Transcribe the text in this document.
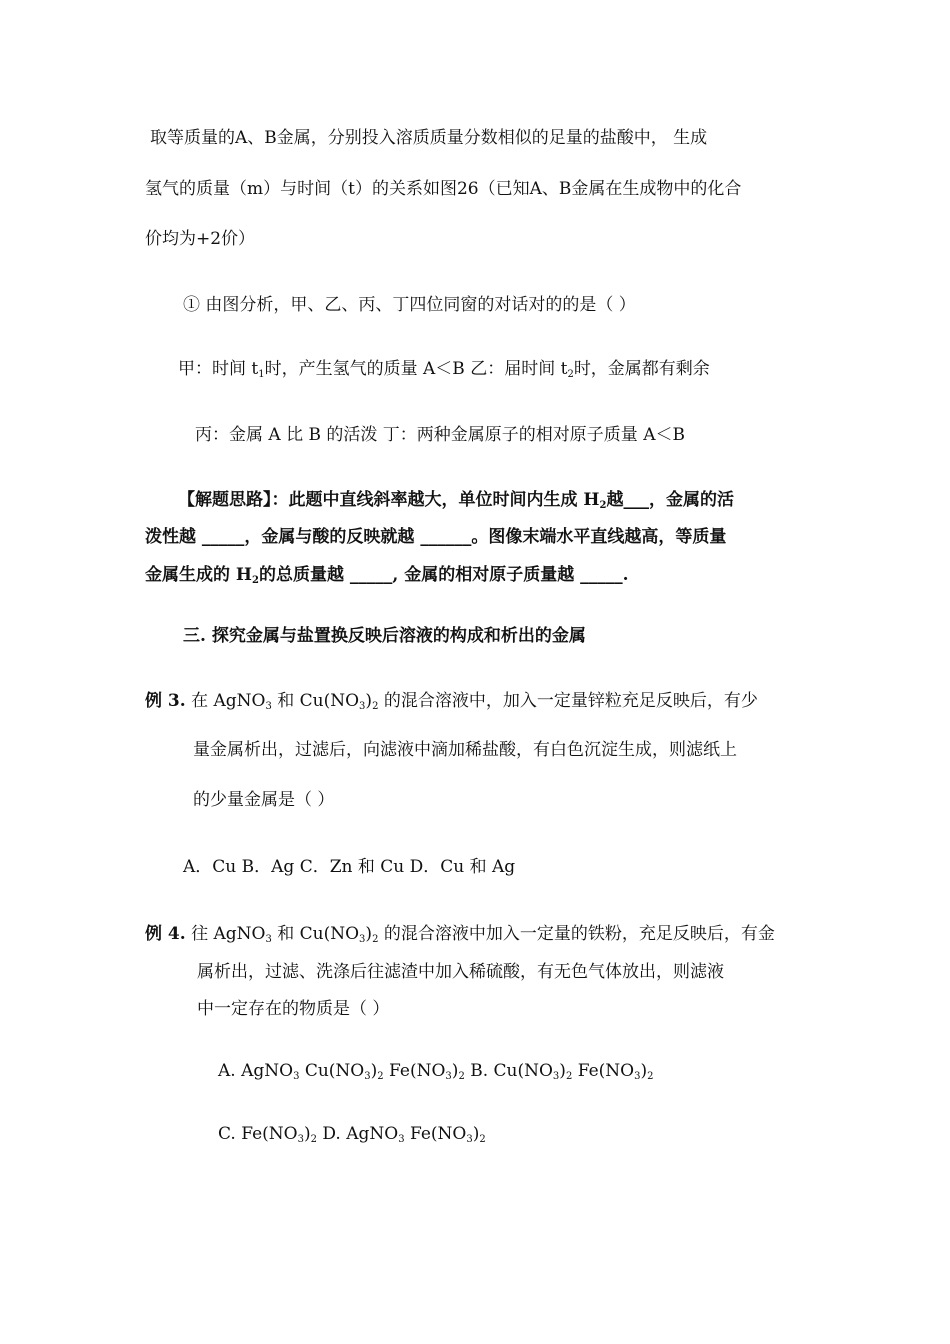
取等质量的A、B金属，分别投入溶质质量分数相似的足量的盐酸中， 生成
氢气的质量（m）与时间（t）的关系如图26（已知A、B金属在生成物中的化合
价均为+2价）
① 由图分析，甲、乙、丙、丁四位同窗的对话对的的是（ ）
甲：时间 $t_1$时，产生氢气的质量 A＜B 乙：届时间 $t_2$时，金属都有剩余
丙：金属 A 比 B 的活泼 丁：两种金属原子的相对原子质量 A＜B
【解题思路】：此题中直线斜率越大，单位时间内生成 $H_2$越___，金属的活
泼性越 _____，金属与酸的反映就越 ______。图像末端水平直线越高，等质量
金属生成的 $H_2$的总质量越 _____, 金属的相对原子质量越 _____.
三. 探究金属与盐置换反映后溶液的构成和析出的金属
例 3. 在 AgNO$_3$ 和 $Cu(NO_3)_2$ 的混合溶液中，加入一定量锌粒充足反映后，有少
量金属析出，过滤后，向滤液中滴加稀盐酸，有白色沉淀生成，则滤纸上
的少量金属是（ ）
A．Cu B．Ag C．Zn 和 Cu D．Cu 和 Ag
例 4. 往 AgNO$_3$ 和 $Cu(NO_3)_2$ 的混合溶液中加入一定量的铁粉，充足反映后，有金
属析出，过滤、洗涤后往滤渣中加入稀硫酸，有无色气体放出，则滤液
中一定存在的物质是（ ）
A. AgNO$_3$ $Cu(NO_3)_2$ $Fe(NO_3)_2$ B. $Cu(NO_3)_2$ $Fe(NO_3)_2$
C. $Fe(NO_3)_2$ D. AgNO$_3$ $Fe(NO_3)_2$
